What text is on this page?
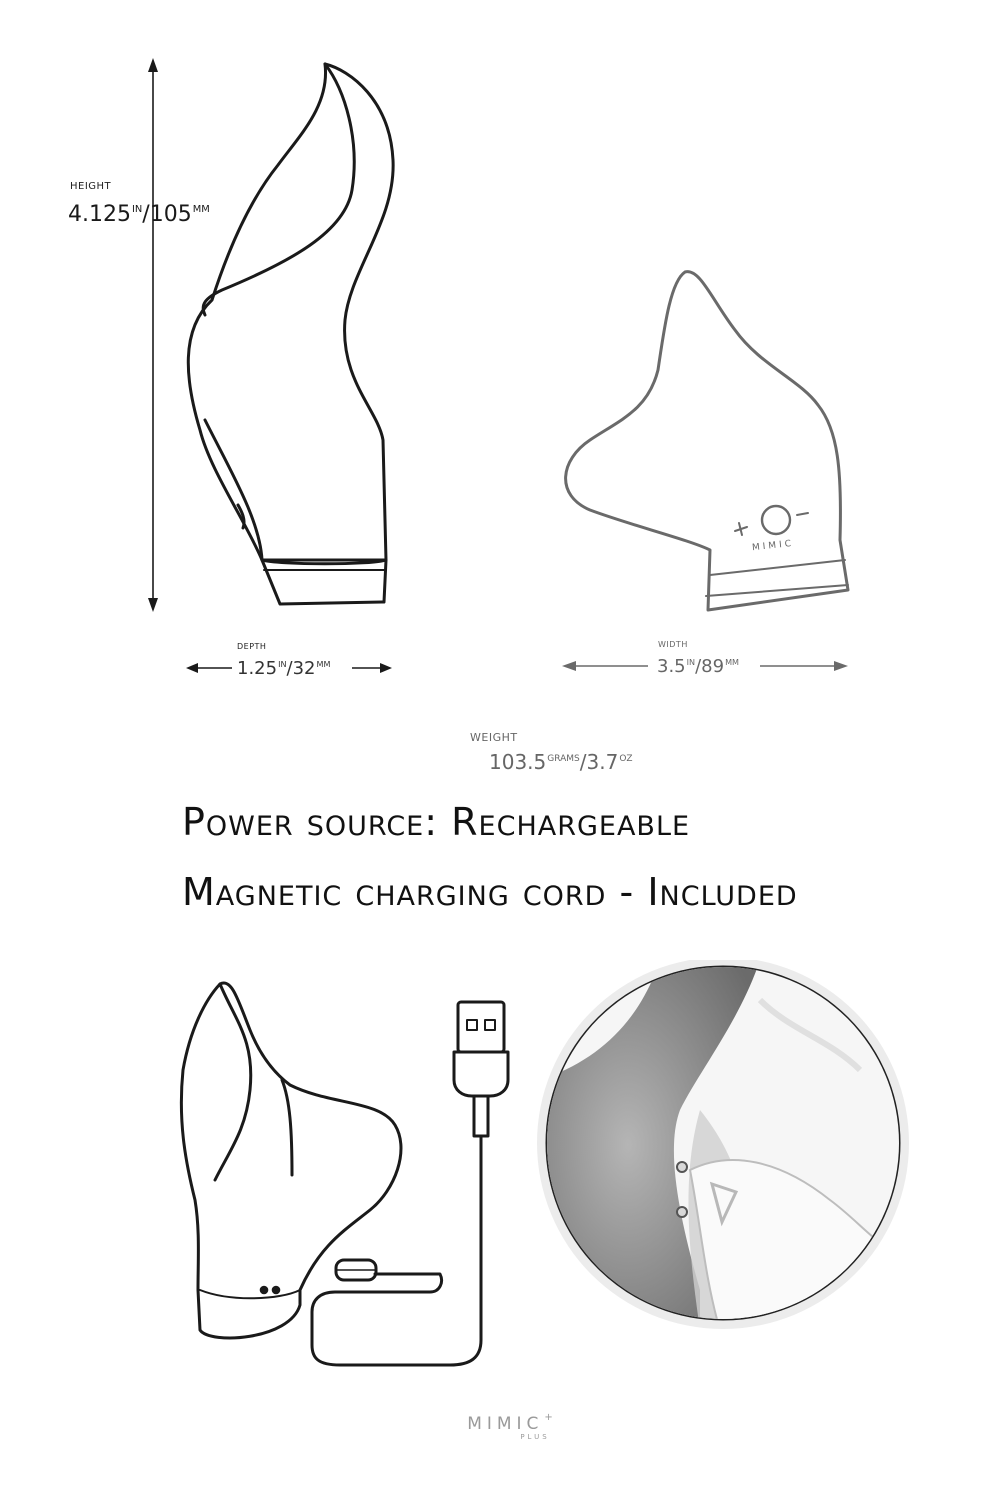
MIMIC
HEIGHT
$4.125^{IN}/105^{MM}$
DEPTH
$1.25^{IN}/32^{MM}$
WIDTH
$3.5^{IN}/89^{MM}$
WEIGHT
$103.5^{GRAMS}/3.7^{OZ}$
Power source: Rechargeable
Magnetic charging cord - Included
MIMIC+
PLUS
